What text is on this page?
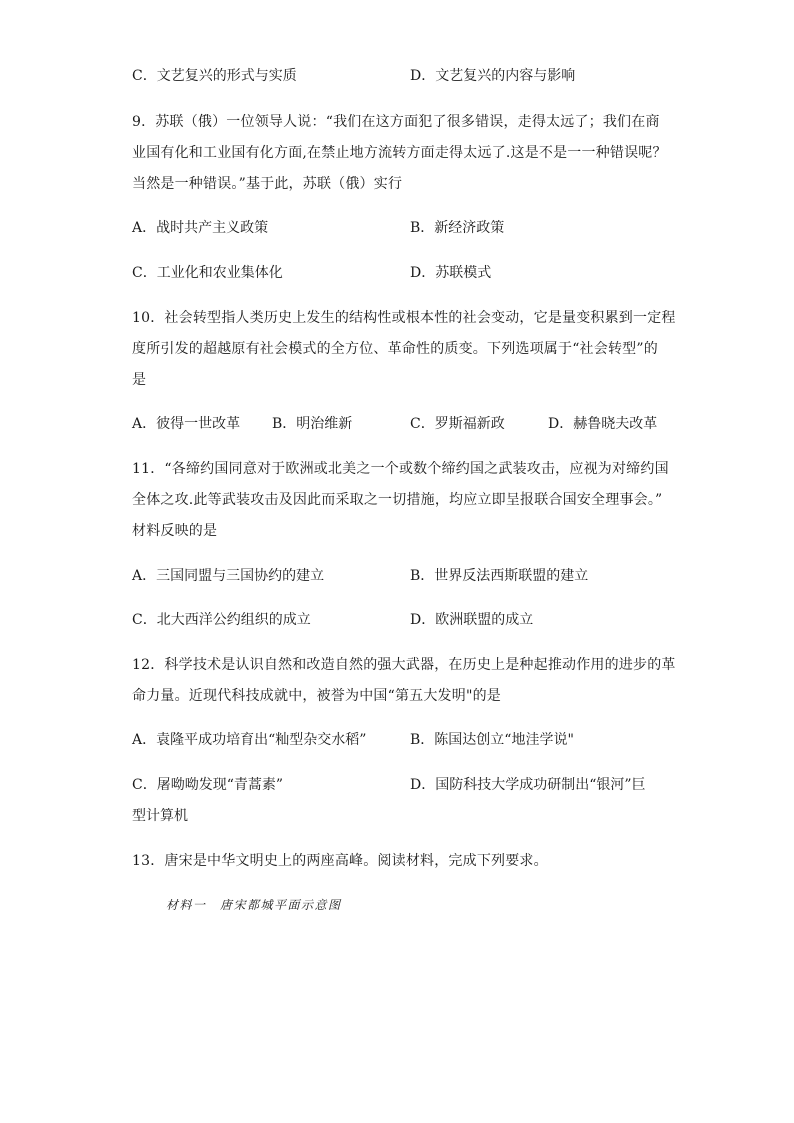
C．文艺复兴的形式与实质	D．文艺复兴的内容与影响
9．苏联（俄）一位领导人说：“我们在这方面犯了很多错误，走得太远了；我们在商
业国有化和工业国有化方面,在禁止地方流转方面走得太远了.这是不是一一种错误呢？
当然是一种错误。”基于此，苏联（俄）实行
A．战时共产主义政策	B．新经济政策
C．工业化和农业集体化	D．苏联模式
10．社会转型指人类历史上发生的结构性或根本性的社会变动，它是量变积累到一定程
度所引发的超越原有社会模式的全方位、革命性的质变。下列选项属于“社会转型”的
是
A．彼得一世改革 B．明治维新	C．罗斯福新政	D．赫鲁晓夫改革
11．“各缔约国同意对于欧洲或北美之一个或数个缔约国之武装攻击，应视为对缔约国
全体之攻.此等武装攻击及因此而采取之一切措施，均应立即呈报联合国安全理事会。”
材料反映的是
A．三国同盟与三国协约的建立	B．世界反法西斯联盟的建立
C．北大西洋公约组织的成立	D．欧洲联盟的成立
12．科学技术是认识自然和改造自然的强大武器，在历史上是种起推动作用的进步的革
命力量。近现代科技成就中，被誉为中国“第五大发明"的是
A．袁隆平成功培育出“籼型杂交水稻”	B．陈国达创立“地洼学说"
C．屠呦呦发现“青蒿素”	D．国防科技大学成功研制出“银河”巨
型计算机
13．唐宋是中华文明史上的两座高峰。阅读材料，完成下列要求。
材料一　唐宋都城平面示意图
